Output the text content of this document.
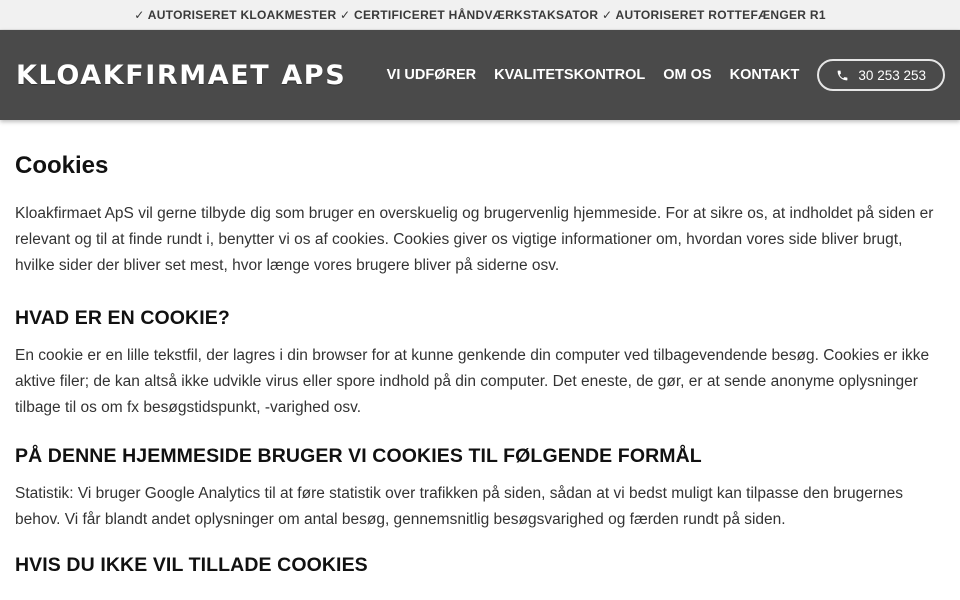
✓ AUTORISERET KLOAKMESTER ✓ CERTIFICERET HÅNDVÆRKSTAKSATOR ✓ AUTORISERET ROTTEFÆNGER R1
KLOAKFIRMAET APS	VI UDFØRER KVALITETSKONTROL OM OS KONTAKT	30 253 253
Cookies

Kloakfirmaet ApS vil gerne tilbyde dig som bruger en overskuelig og brugervenlig hjemmeside. For at sikre os, at indholdet på siden er relevant og til at finde rundt i, benytter vi os af cookies. Cookies giver os vigtige informationer om, hvordan vores side bliver brugt, hvilke sider der bliver set mest, hvor længe vores brugere bliver på siderne osv.

HVAD ER EN COOKIE?

En cookie er en lille tekstfil, der lagres i din browser for at kunne genkende din computer ved tilbagevendende besøg. Cookies er ikke aktive filer; de kan altså ikke udvikle virus eller spore indhold på din computer. Det eneste, de gør, er at sende anonyme oplysninger tilbage til os om fx besøgstidspunkt, -varighed osv.

PÅ DENNE HJEMMESIDE BRUGER VI COOKIES TIL FØLGENDE FORMÅL

Statistik: Vi bruger Google Analytics til at føre statistik over trafikken på siden, sådan at vi bedst muligt kan tilpasse den brugernes behov. Vi får blandt andet oplysninger om antal besøg, gennemsnitlig besøgsvarighed og færden rundt på siden.

HVIS DU IKKE VIL TILLADE COOKIES
